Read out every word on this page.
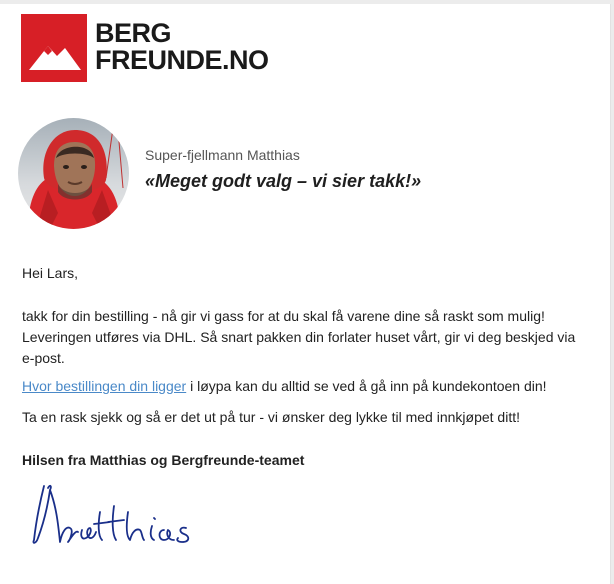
BERG
FREUNDE.NO
Super-fjellmann Matthias
«Meget godt valg – vi sier takk!»
Hei Lars,
takk for din bestilling - nå gir vi gass for at du skal få varene dine så raskt som mulig!
Leveringen utføres via DHL. Så snart pakken din forlater huset vårt, gir vi deg beskjed via
e-post.
Hvor bestillingen din ligger i løypa kan du alltid se ved å gå inn på kundekontoen din!
Ta en rask sjekk og så er det ut på tur - vi ønsker deg lykke til med innkjøpet ditt!
Hilsen fra Matthias og Bergfreunde-teamet
